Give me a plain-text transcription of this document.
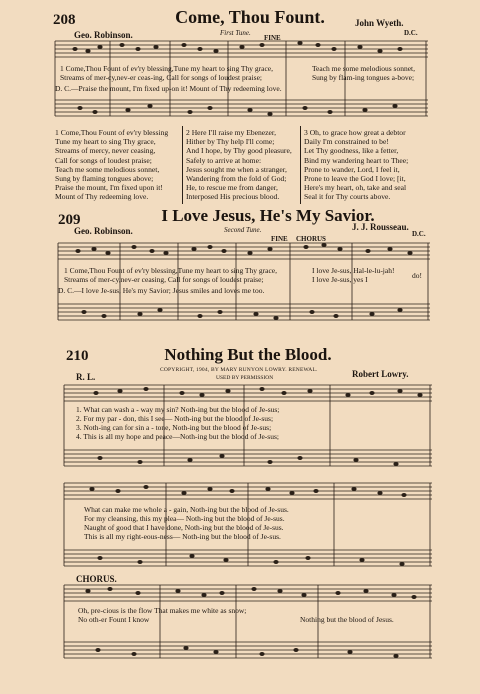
208	Come, Thou Fount.
Geo. Robinson.
John Wyeth.
First Tune.
FINE
D.C.
1 Come,Thou Fount of ev'ry blessing,Tune my heart to sing Thy grace,
Streams of mer-cy,nev-er ceas-ing, Call for songs of loudest praise;
D. C.—Praise the mount, I'm fixed up-on it! Mount of Thy redeeming love.
Teach me some melodious sonnet,
Sung by flam-ing tongues a-bove;
1 Come,Thou Fount of ev'ry blessing
Tune my heart to sing Thy grace,
Streams of mercy, never ceasing,
Call for songs of loudest praise;
Teach me some melodious sonnet,
Sung by flaming tongues above;
Praise the mount, I'm fixed upon it!
Mount of Thy redeeming love.
2 Here I'll raise my Ebenezer,
Hither by Thy help I'll come;
And I hope, by Thy good pleasure,
Safely to arrive at home:
Jesus sought me when a stranger,
Wandering from the fold of God;
He, to rescue me from danger,
Interposed His precious blood.
3 Oh, to grace how great a debtor
Daily I'm constrained to be!
Let Thy goodness, like a fetter,
Bind my wandering heart to Thee;
Prone to wander, Lord, I feel it,
Prone to leave the God I love; [it,
Here's my heart, oh, take and seal
Seal it for Thy courts above.
209	I Love Jesus, He's My Savior.
Geo. Robinson.	J. J. Rousseau.
Second Tune.
FINE CHORUS
D.C.
1 Come,Thou Fount of ev'ry blessing,Tune my heart to sing Thy grace,
Streams of mer-cy,nev-er ceasing, Call for songs of loudest praise;
D. C.—I love Je-sus, He's my Savior; Jesus smiles and loves me too.
I love Je-sus, Hal-le-lu-jah!
I love Je-sus, yes I	do!
210	Nothing But the Blood.
COPYRIGHT, 1904, BY MARY RUNYON LOWRY. RENEWAL.
USED BY PERMISSION
R. L.	Robert Lowry.
1. What can wash a - way my sin? Noth-ing but the blood of Je-sus;
2. For my par - don, this I see— Noth-ing but the blood of Je-sus;
3. Noth-ing can for sin a - tone, Noth-ing but the blood of Je-sus;
4. This is all my hope and peace—Noth-ing but the blood of Je-sus;
What can make me whole a - gain, Noth-ing but the blood of Je-sus.
For my cleansing, this my plea— Noth-ing but the blood of Je-sus.
Naught of good that I have done, Noth-ing but the blood of Je-sus.
This is all my right-eous-ness— Noth-ing but the blood of Je-sus.
CHORUS.
Oh, pre-cious is the flow That makes me white as snow;
No oth-er Fount I know	Nothing but the blood of Jesus.
